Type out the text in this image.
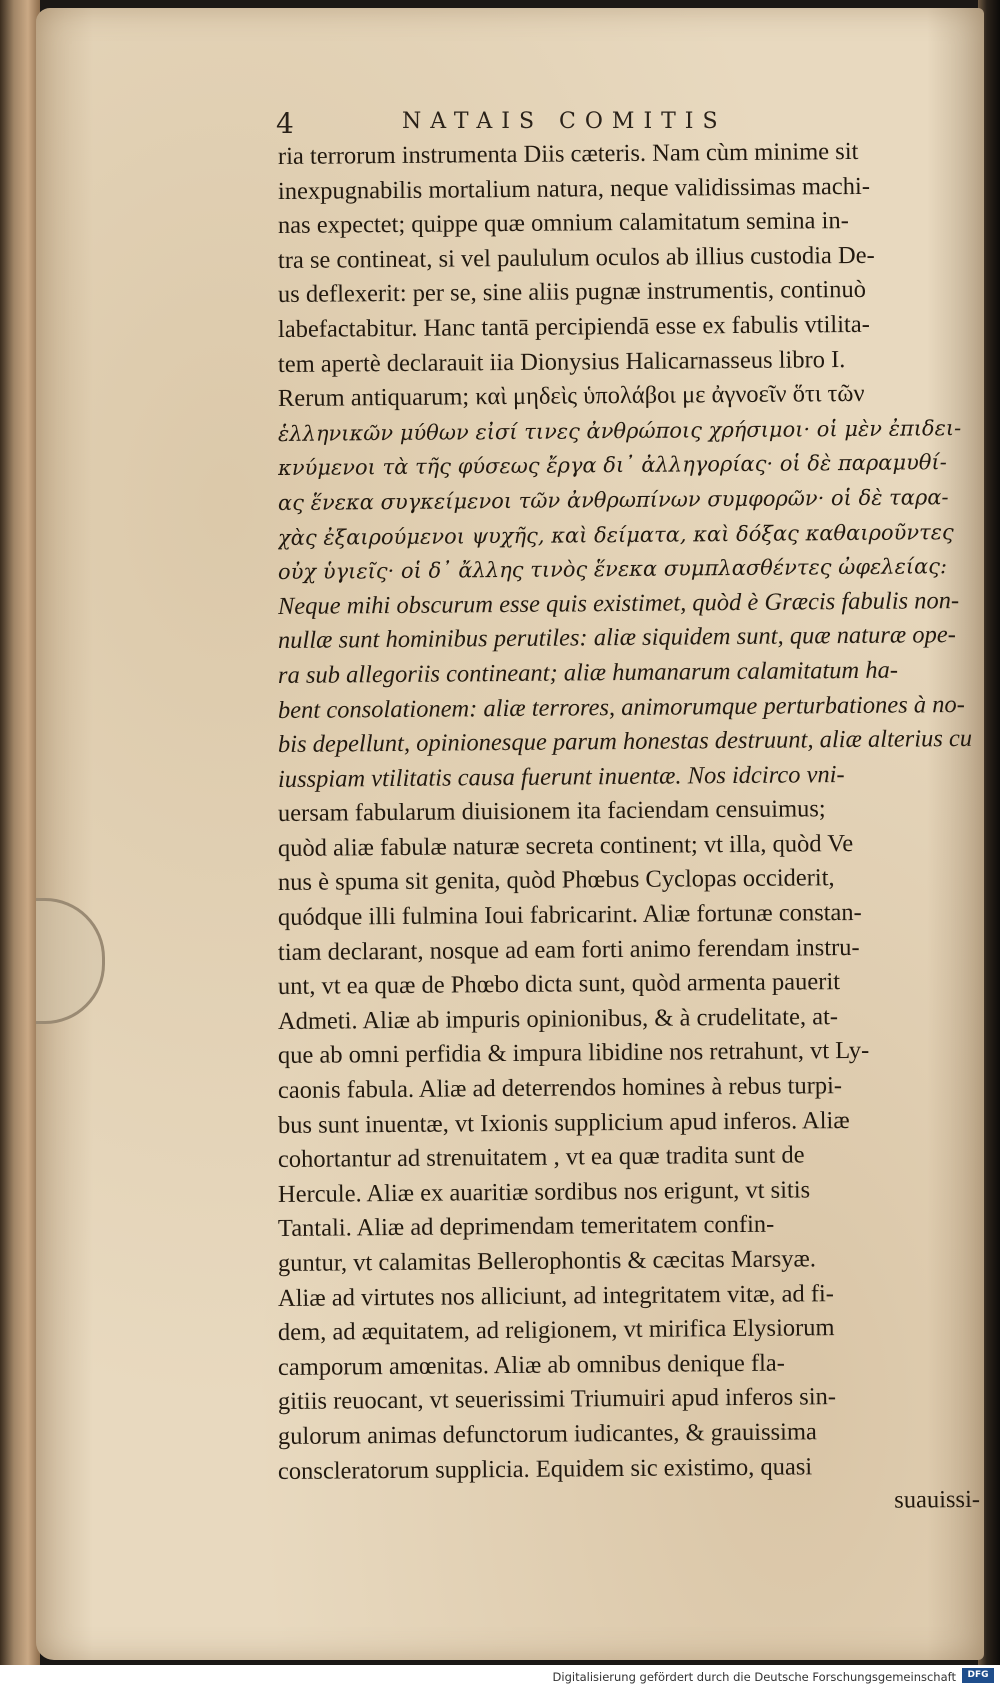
4	NATAIS COMITIS
ria terrorum instrumenta Diis cæteris. Nam cùm minime sit
inexpugnabilis mortalium natura, neque validissimas machi-
nas expectet; quippe quæ omnium calamitatum semina in-
tra se contineat, si vel paululum oculos ab illius custodia De-
us deflexerit: per se, sine aliis pugnæ instrumentis, continuò
labefactabitur. Hanc tantā percipiendā esse ex fabulis vtilita-
tem apertè declarauit iia Dionysius Halicarnasseus libro I.
Rerum antiquarum; καὶ μηδεὶς ὑπολάβοι με ἀγνοεῖν ὅτι τῶν
ἑλληνικῶν μύθων εἰσί τινες ἀνθρώποις χρήσιμοι· οἱ μὲν ἐπιδει-
κνύμενοι τὰ τῆς φύσεως ἔργα δι᾽ ἀλληγορίας· οἱ δὲ παραμυθί-
ας ἕνεκα συγκείμενοι τῶν ἀνθρωπίνων συμφορῶν· οἱ δὲ ταρα-
χὰς ἐξαιρούμενοι ψυχῆς, καὶ δείματα, καὶ δόξας καθαιροῦντες
οὐχ ὑγιεῖς· οἱ δ᾽ ἄλλης τινὸς ἕνεκα συμπλασθέντες ὠφελείας:
Neque mihi obscurum esse quis existimet, quòd è Græcis fabulis non-
nullæ sunt hominibus perutiles: aliæ siquidem sunt, quæ naturæ ope-
ra sub allegoriis contineant; aliæ humanarum calamitatum ha-
bent consolationem: aliæ terrores, animorumque perturbationes à no-
bis depellunt, opinionesque parum honestas destruunt, aliæ alterius cu
iusspiam vtilitatis causa fuerunt inuentæ. Nos idcirco vni-
uersam fabularum diuisionem ita faciendam censuimus;
quòd aliæ fabulæ naturæ secreta continent; vt illa, quòd Ve
nus è spuma sit genita, quòd Phœbus Cyclopas occiderit,
quódque illi fulmina Ioui fabricarint. Aliæ fortunæ constan-
tiam declarant, nosque ad eam forti animo ferendam instru-
unt, vt ea quæ de Phœbo dicta sunt, quòd armenta pauerit
Admeti. Aliæ ab impuris opinionibus, & à crudelitate, at-
que ab omni perfidia & impura libidine nos retrahunt, vt Ly-
caonis fabula. Aliæ ad deterrendos homines à rebus turpi-
bus sunt inuentæ, vt Ixionis supplicium apud inferos. Aliæ
cohortantur ad strenuitatem , vt ea quæ tradita sunt de
Hercule. Aliæ ex auaritiæ sordibus nos erigunt, vt sitis
Tantali. Aliæ ad deprimendam temeritatem confin-
guntur, vt calamitas Bellerophontis & cæcitas Marsyæ.
Aliæ ad virtutes nos alliciunt, ad integritatem vitæ, ad fi-
dem, ad æquitatem, ad religionem, vt mirifica Elysiorum
camporum amœnitas. Aliæ ab omnibus denique fla-
gitiis reuocant, vt seuerissimi Triumuiri apud inferos sin-
gulorum animas defunctorum iudicantes, & grauissima
conscleratorum supplicia. Equidem sic existimo, quasi
suauissi-
Digitalisierung gefördert durch die Deutsche Forschungsgemeinschaft	DFG
